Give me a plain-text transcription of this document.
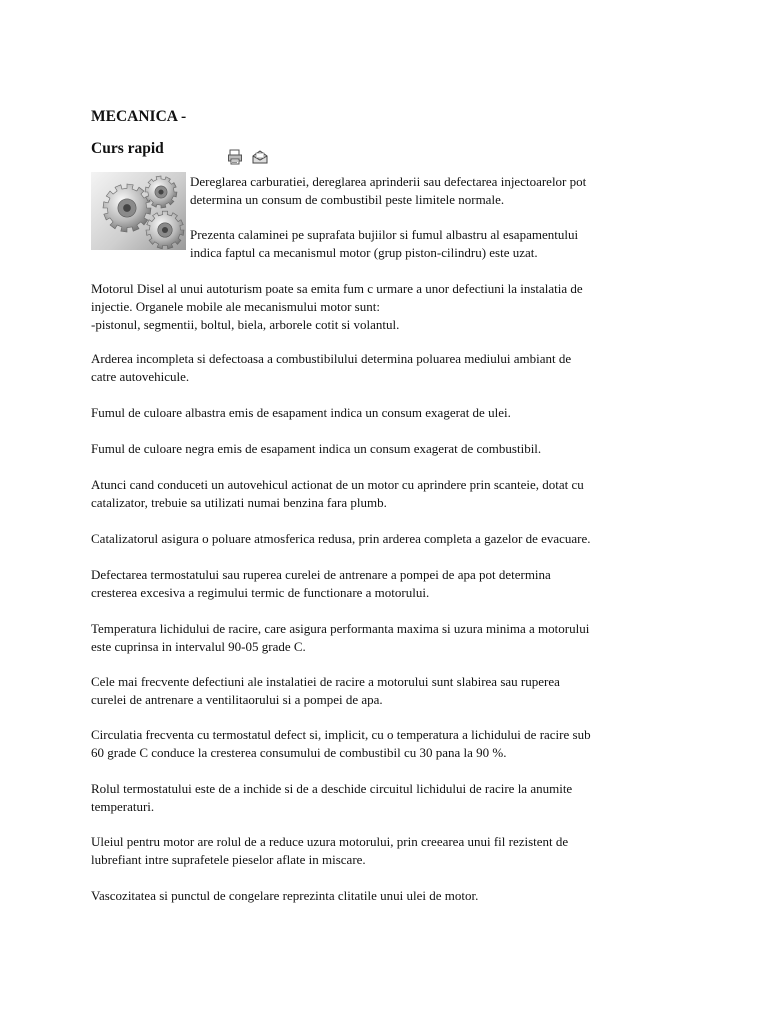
MECANICA -
Curs rapid

Dereglarea carburatiei, dereglarea aprinderii sau defectarea injectoarelor pot
determina un consum de combustibil peste limitele normale.

Prezenta calaminei pe suprafata bujiilor si fumul albastru al esapamentului
indica faptul ca mecanismul motor (grup piston-cilindru) este uzat.

Motorul Disel al unui autoturism poate sa emita fum c urmare a unor defectiuni la instalatia de
injectie. Organele mobile ale mecanismului motor sunt:
-pistonul, segmentii, boltul, biela, arborele cotit si volantul.

Arderea incompleta si defectoasa a combustibilului determina poluarea mediului ambiant de
catre autovehicule.

Fumul de culoare albastra emis de esapament indica un consum exagerat de ulei.

Fumul de culoare negra emis de esapament indica un consum exagerat de combustibil.

Atunci cand conduceti un autovehicul actionat de un motor cu aprindere prin scanteie, dotat cu
catalizator, trebuie sa utilizati numai benzina fara plumb.

Catalizatorul asigura o poluare atmosferica redusa, prin arderea completa a gazelor de evacuare.

Defectarea termostatului sau ruperea curelei de antrenare a pompei de apa pot determina
cresterea excesiva a regimului termic de functionare a motorului.

Temperatura lichidului de racire, care asigura performanta maxima si uzura minima a motorului
este cuprinsa in intervalul 90-05 grade C.

Cele mai frecvente defectiuni ale instalatiei de racire a motorului sunt slabirea sau ruperea
curelei de antrenare a ventilitaorului si a pompei de apa.

Circulatia frecventa cu termostatul defect si, implicit, cu o temperatura a lichidului de racire sub
60 grade C conduce la cresterea consumului de combustibil cu 30 pana la 90 %.

Rolul termostatului este de a inchide si de a deschide circuitul lichidului de racire la anumite
temperaturi.

Uleiul pentru motor are rolul de a reduce uzura motorului, prin creearea unui fil rezistent de
lubrefiant intre suprafetele pieselor aflate in miscare.

Vascozitatea si punctul de congelare reprezinta clitatile unui ulei de motor.
